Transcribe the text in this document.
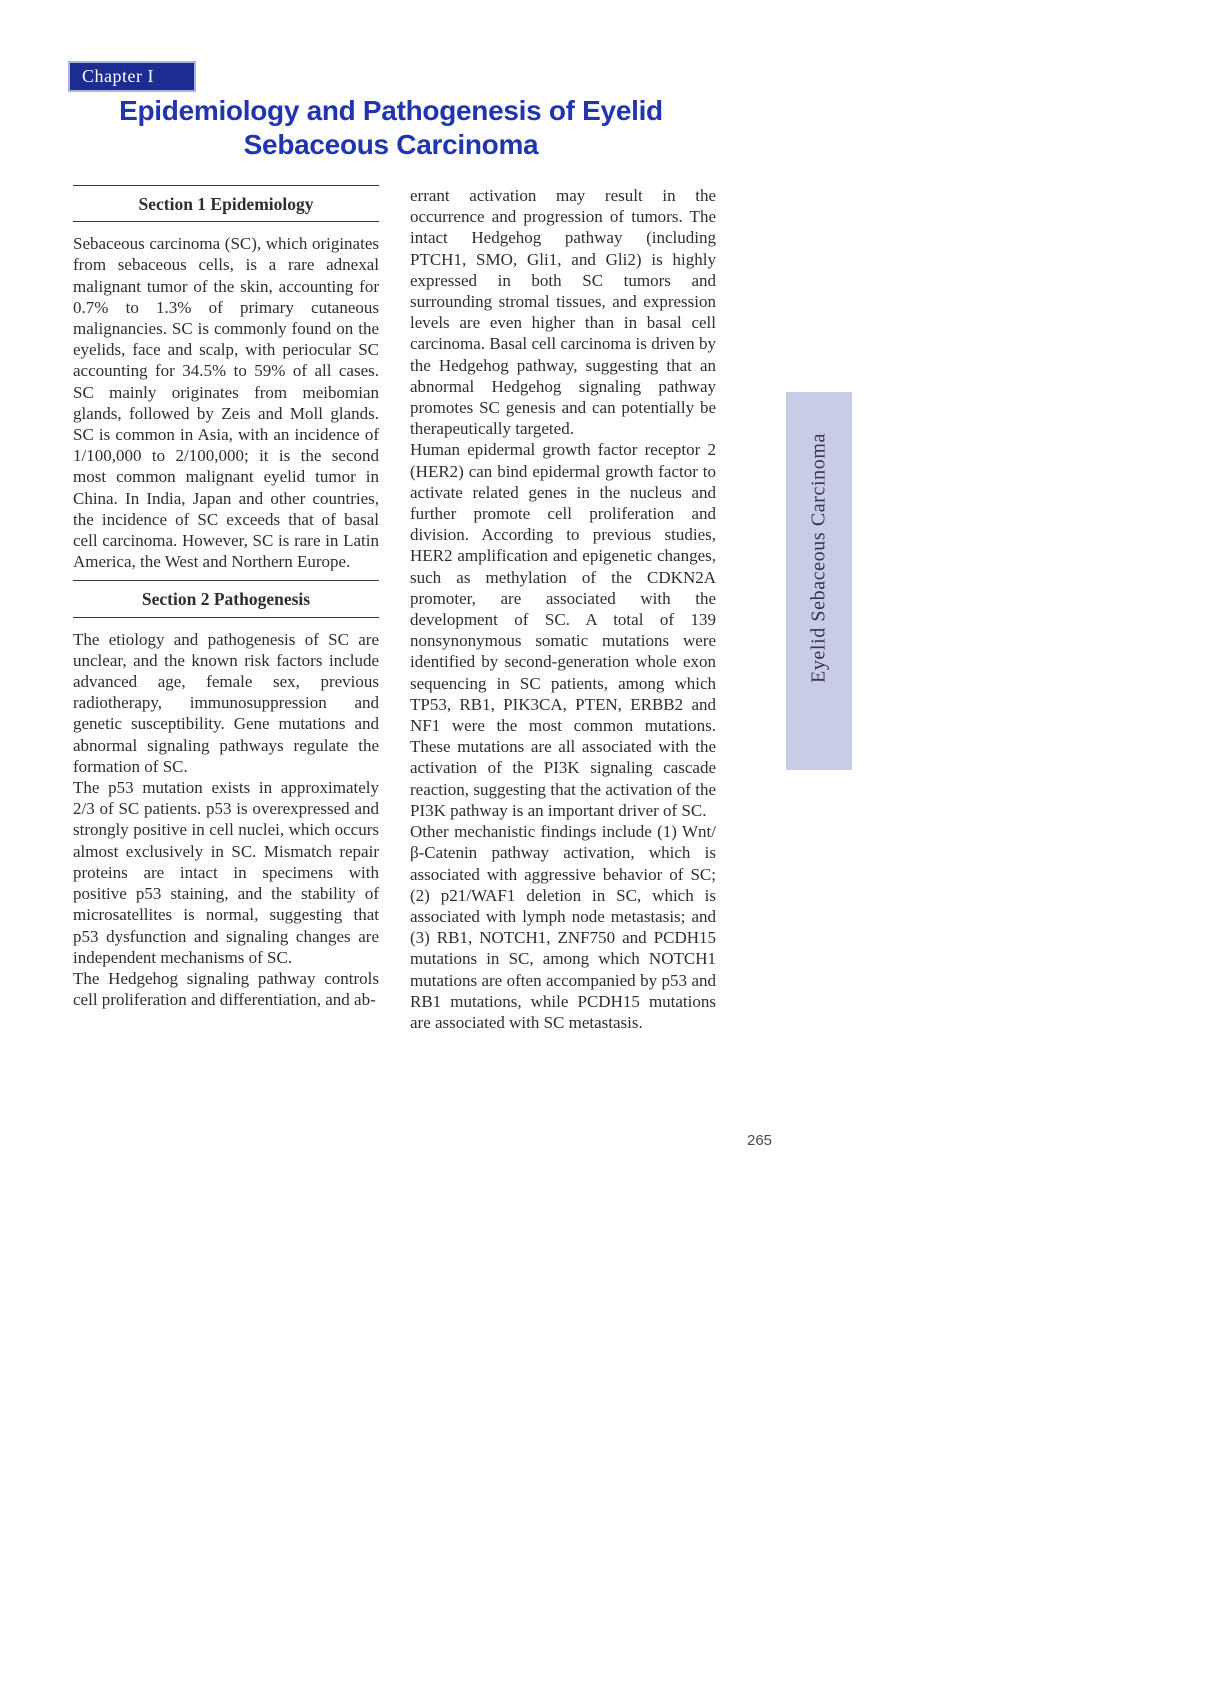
Chapter I
Epidemiology and Pathogenesis of Eyelid
Sebaceous Carcinoma
Section 1 Epidemiology

Sebaceous carcinoma (SC), which originates from sebaceous cells, is a rare adnexal malignant tumor of the skin, accounting for 0.7% to 1.3% of primary cutaneous malignancies. SC is commonly found on the eyelids, face and scalp, with periocular SC accounting for 34.5% to 59% of all cases. SC mainly originates from meibomian glands, followed by Zeis and Moll glands. SC is common in Asia, with an incidence of 1/100,000 to 2/100,000; it is the second most common malignant eyelid tumor in China. In India, Japan and other countries, the incidence of SC exceeds that of basal cell carcinoma. However, SC is rare in Latin America, the West and Northern Europe.

Section 2 Pathogenesis

The etiology and pathogenesis of SC are unclear, and the known risk factors include advanced age, female sex, previous radiotherapy, immunosuppression and genetic susceptibility. Gene mutations and abnormal signaling pathways regulate the formation of SC.

The p53 mutation exists in approximately 2/3 of SC patients. p53 is overexpressed and strongly positive in cell nuclei, which occurs almost exclusively in SC. Mismatch repair proteins are intact in specimens with positive p53 staining, and the stability of microsatellites is normal, suggesting that p53 dysfunction and signaling changes are independent mechanisms of SC.

The Hedgehog signaling pathway controls cell proliferation and differentiation, and ab-

errant activation may result in the occurrence and progression of tumors. The intact Hedgehog pathway (including PTCH1, SMO, Gli1, and Gli2) is highly expressed in both SC tumors and surrounding stromal tissues, and expression levels are even higher than in basal cell carcinoma. Basal cell carcinoma is driven by the Hedgehog pathway, suggesting that an abnormal Hedgehog signaling pathway promotes SC genesis and can potentially be therapeutically targeted.

Human epidermal growth factor receptor 2 (HER2) can bind epidermal growth factor to activate related genes in the nucleus and further promote cell proliferation and division. According to previous studies, HER2 amplification and epigenetic changes, such as methylation of the CDKN2A promoter, are associated with the development of SC. A total of 139 nonsynonymous somatic mutations were identified by second-generation whole exon sequencing in SC patients, among which TP53, RB1, PIK3CA, PTEN, ERBB2 and NF1 were the most common mutations. These mutations are all associated with the activation of the PI3K signaling cascade reaction, suggesting that the activation of the PI3K pathway is an important driver of SC.

Other mechanistic findings include (1) Wnt/β-Catenin pathway activation, which is associated with aggressive behavior of SC; (2) p21/WAF1 deletion in SC, which is associated with lymph node metastasis; and (3) RB1, NOTCH1, ZNF750 and PCDH15 mutations in SC, among which NOTCH1 mutations are often accompanied by p53 and RB1 mutations, while PCDH15 mutations are associated with SC metastasis.

Eyelid Sebaceous Carcinoma
265
